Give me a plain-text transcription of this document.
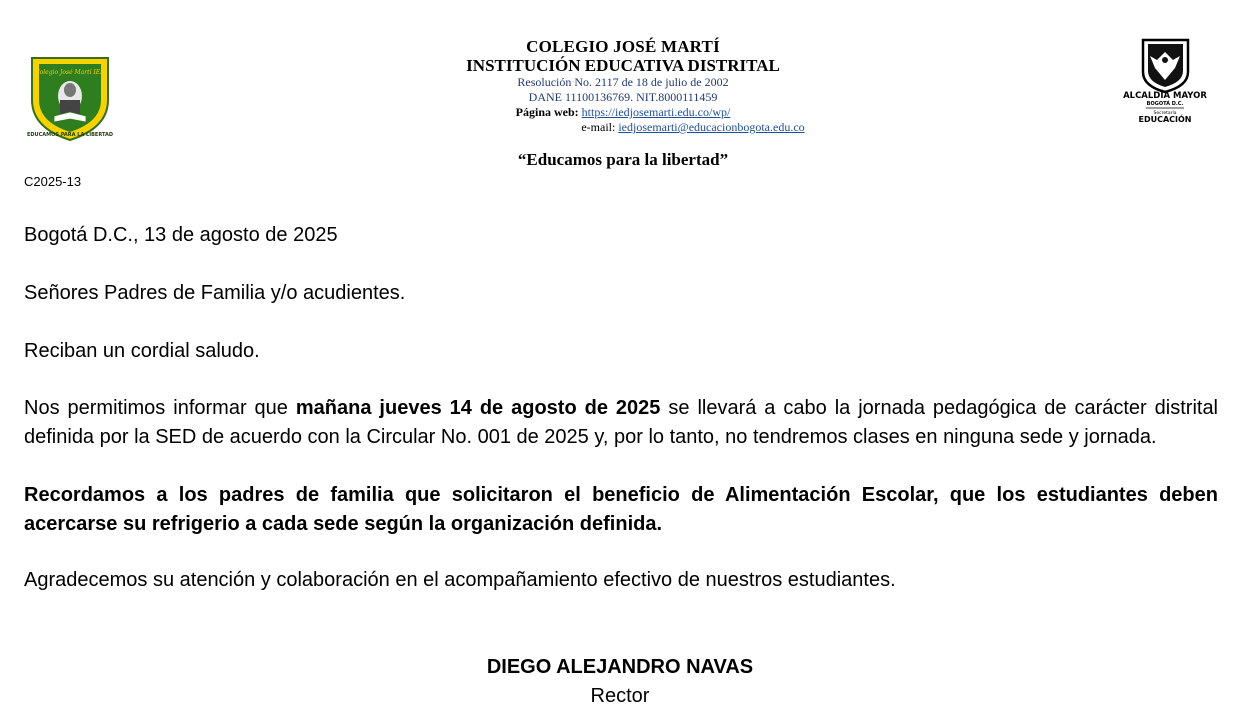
Colegio José Martí IED
EDUCAMOS PARA LA LIBERTAD
COLEGIO JOSÉ MARTÍ
INSTITUCIÓN EDUCATIVA DISTRITAL
Resolución No. 2117 de 18 de julio de 2002
DANE 11100136769. NIT.8000111459
Página web: https://iedjosemarti.edu.co/wp/
e-mail: iedjosemarti@educacionbogota.edu.co
ALCALDÍA MAYOR
BOGOTÁ D.C.
Secretaría
EDUCACIÓN
“Educamos para la libertad”
C2025-13
Bogotá D.C., 13 de agosto de 2025
Señores Padres de Familia y/o acudientes.
Reciban un cordial saludo.
Nos permitimos informar que mañana jueves 14 de agosto de 2025 se llevará a cabo la jornada pedagógica de carácter distrital definida por la SED de acuerdo con la Circular No. 001 de 2025 y, por lo tanto, no tendremos clases en ninguna sede y jornada.
Recordamos a los padres de familia que solicitaron el beneficio de Alimentación Escolar, que los estudiantes deben acercarse su refrigerio a cada sede según la organización definida.
Agradecemos su atención y colaboración en el acompañamiento efectivo de nuestros estudiantes.
DIEGO ALEJANDRO NAVAS
Rector
